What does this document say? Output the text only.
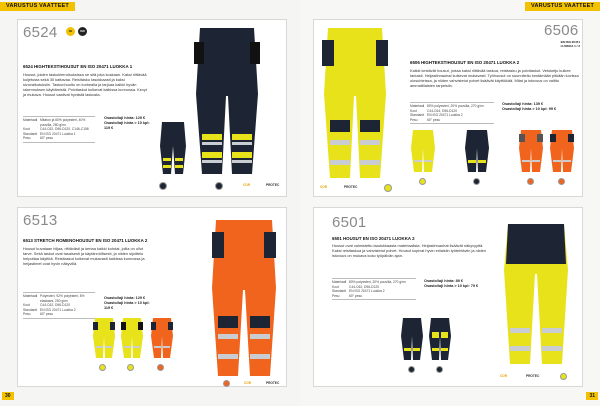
VARUSTUS VAATTEET
6524	CE	ISO
6524 HIGHTEKSTIHOUSUT EN ISO 20471 LUOKKA 1
Housut, joiden taskukierroisuksissa ne sitä joka koskaan. Kaksi riittävää kuljetusta sekä 30 kattavaa. Reisitasku tasokkaasti ja kaksi sivuvaikutuksiin. Taskunhuolto on korkealla ja tarjoaa kaikki hyvän rakennuksen käyttämistä. Polvitaskut kulkevat kaikissa kunnossa. Kevyt ja mukava. Housut vaativat hyvästä laskusta.
Materiaali Mitaton ja 60% polyesteri, 40% puuvilla, 280 g/m²
Koot	C44-C62, D96-D120, C146-C156
Standardi EN ISO 20471 Luokka 1
Pesu	60° pesu
Osasto/laji hinta: 129 €
Osasto/laji hinta > 10 kpl: 119 €
COR	PROTEC
6513
6513 STRETCH ROMENOHOUSUT EN ISO 20471 LUOKKA 2
Housut kuvataan hiljaa, riittävästi ja kertaa kaikki kohdat, joilla on ollut tarve. Sekä taskut ovat tasaisesti ja käytännöllisesti, ja niiden sijoittelu helpottaa käyttöä. Reisitaskut kulkevat mukavasti kaikissa kunnossa ja heijastimet ovat hyvin näkyvillä.
Materiaali Polyesteri, 92% polyesteri, 8% elastaani, 250 g/m²
Koot	C44-C62, D96-D120
Standardi EN ISO 20471 Luokka 2
Pesu	60° pesu
Osasto/laji hinta: 129 €
Osasto/laji hinta > 10 kpl: 119 €
COR	PROTEC
30
VARUSTUS VAATTEET
6506
EN ISO 20471
LUOKKA 1 / 2
COR	PROTEC
6506 HIGHTEKSTIHOUSUT EN ISO 20471 LUOKKA 2
Kaikki kestävät housut, joissa kaksi riittävää taskua, reisitasku ja polvitaskut. Vetoketju kulkee tarkasti. Heijastinnauhat kulkevat mukavasti. Työhousut on suunniteltu kestämään pitkään kovissa olosuhteissa, ja niiden vahvistetut polvet lisäävät käyttöikää. Mitat ja istuvuus on valittu ammattilaisten tarpeisiin.
Materiaali 80% polyesteri, 20% puuvilla, 270 g/m²
Koot	C44-C64, D96-D120
Standardi EN ISO 20471 Luokka 2
Pesu	60° pesu
Osasto/laji hinta: 139 €
Osasto/laji hinta > 10 kpl: 99 €
6501
6501 HOUSUT EN ISO 20471 LUOKKA 2
Housut ovat valmistettu laadukkaasta materiaalista. Heijastinnauhat lisäävät näkyvyyttä. Kaksi reisitaskua ja vahvistetut polvet. Housut sopivat hyvin erilaisiin työtehtäviin ja niiden istuvuus on mukava koko työpäivän ajan.
Materiaali 80% polyesteri, 20% puuvilla, 270 g/m²
Koot	C44-C62, D96-D120
Standardi EN ISO 20471 Luokka 2
Pesu	60° pesu
Osasto/laji hinta: 89 €
Osasto/laji hinta > 10 kpl: 79 €
COR	PROTEC
31
